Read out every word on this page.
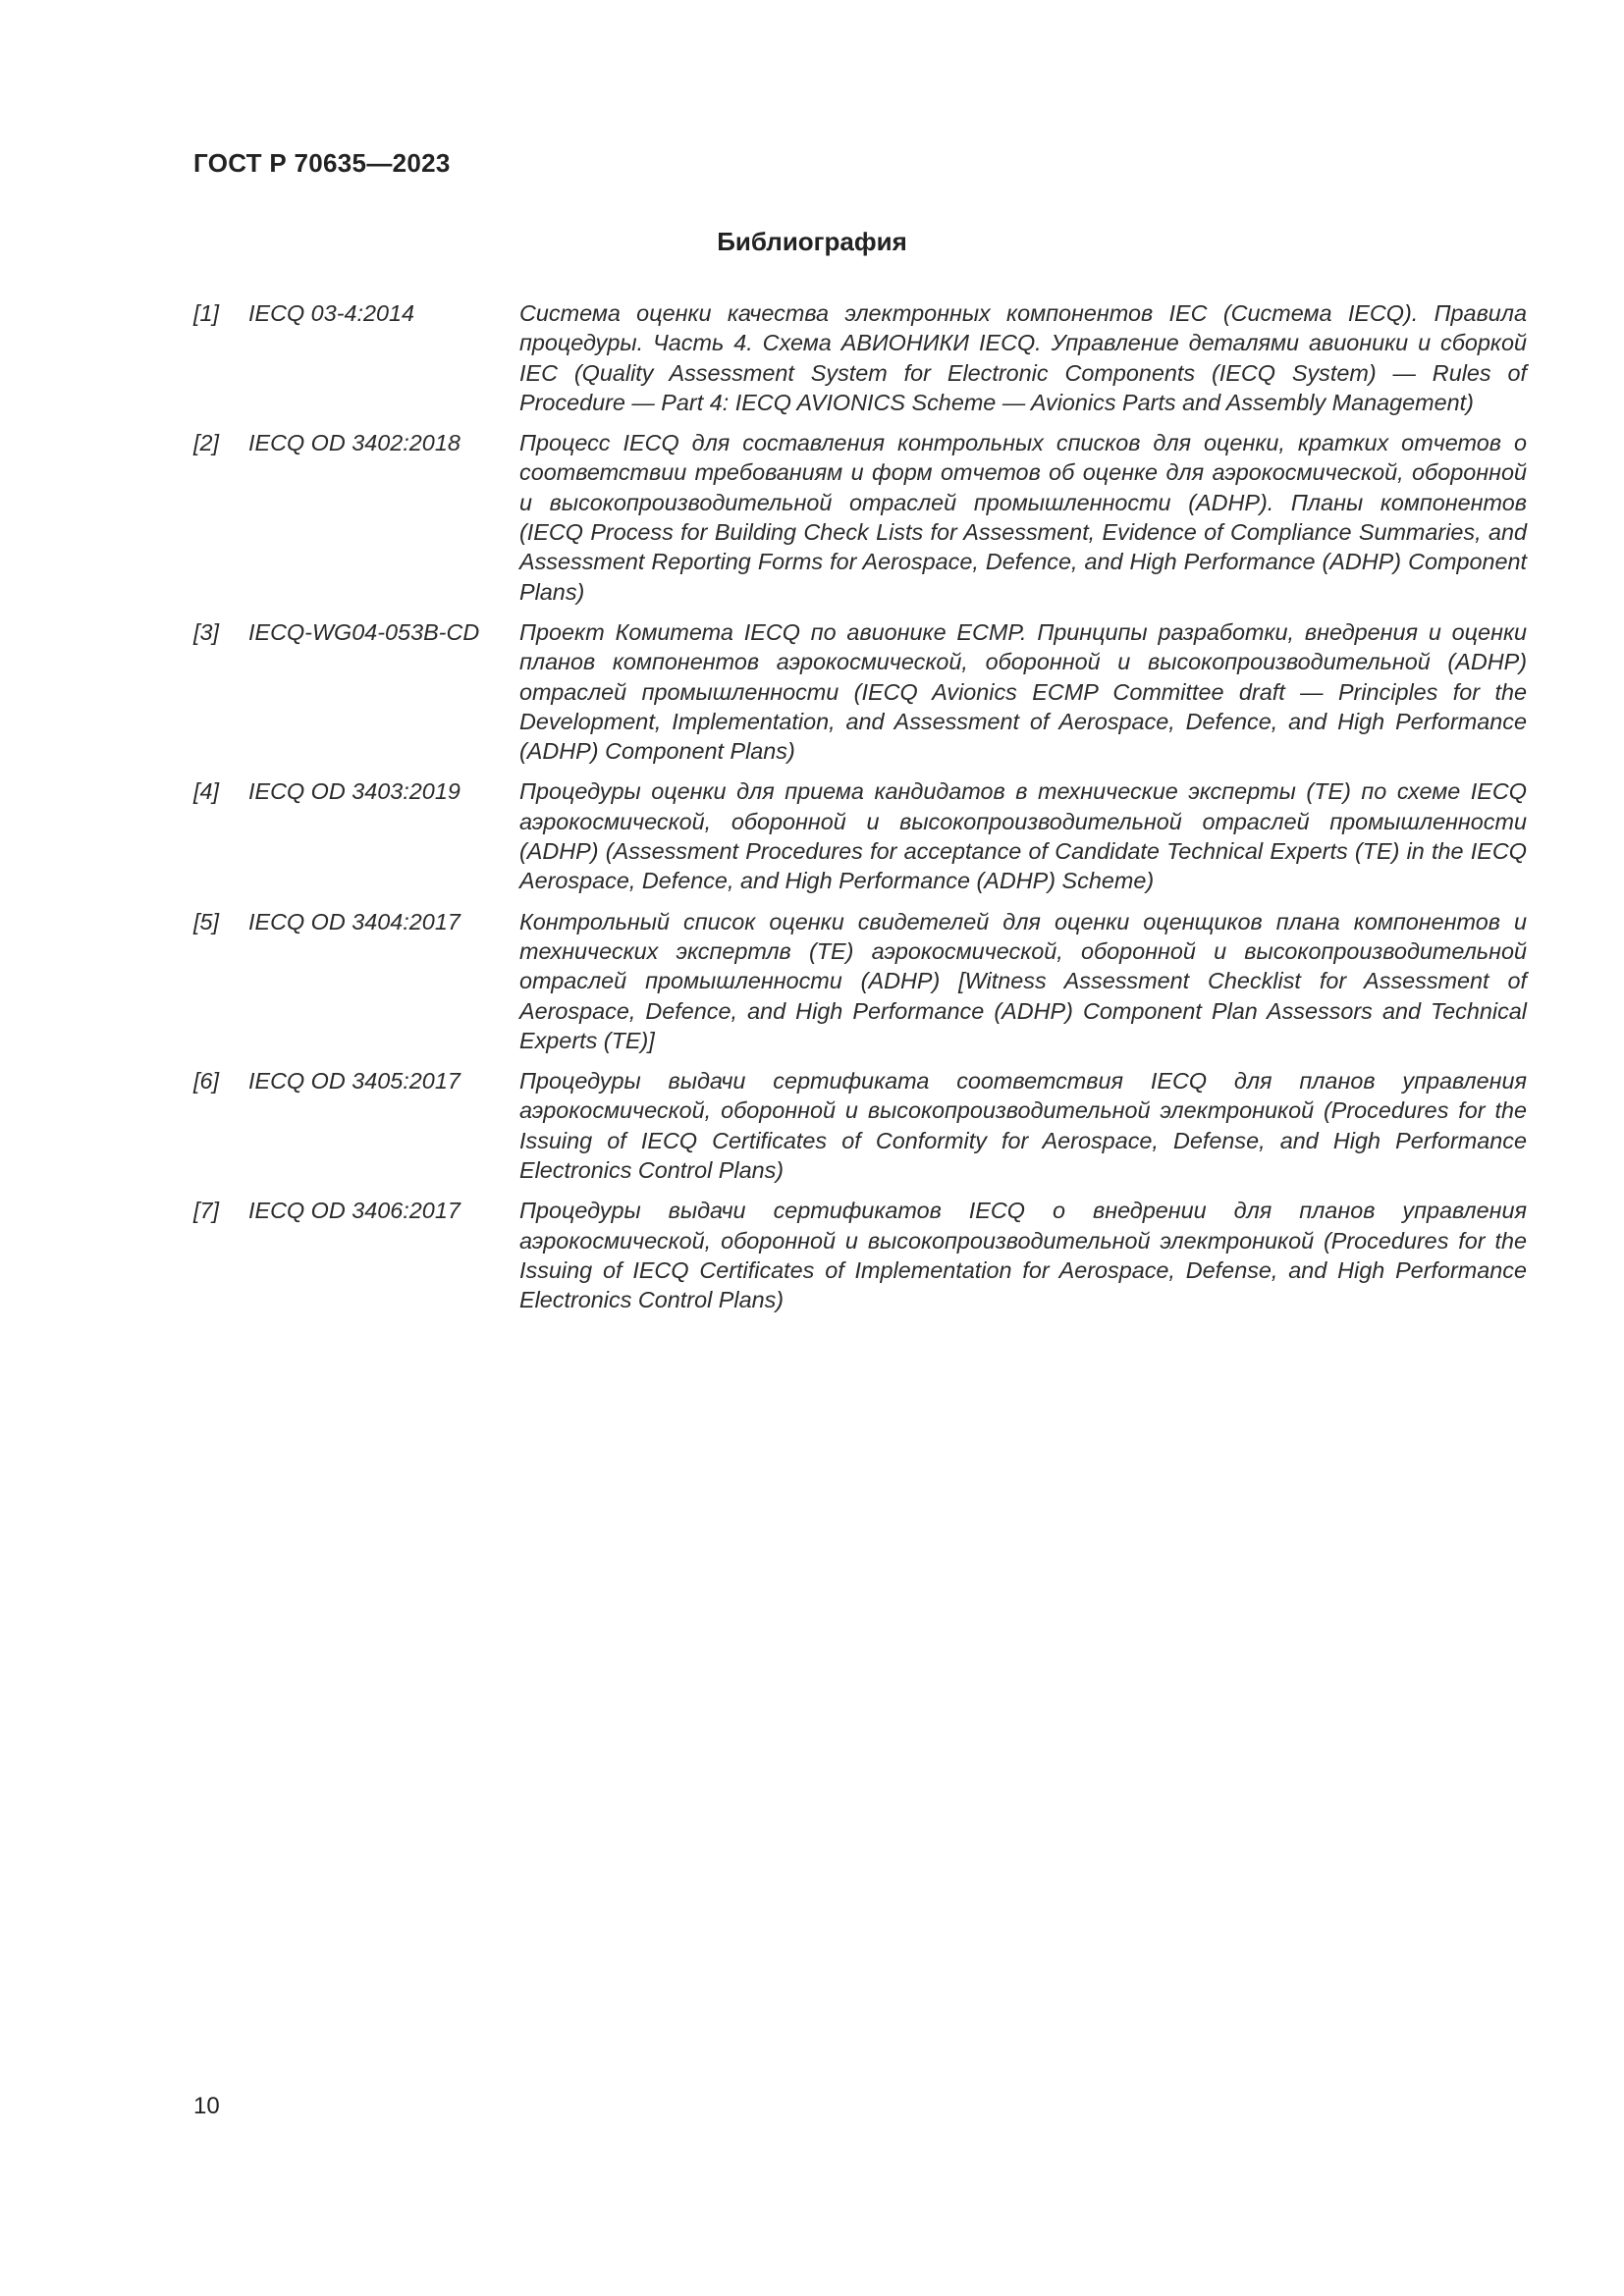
ГОСТ Р 70635—2023
Библиография
[1]	IECQ 03-4:2014	Система оценки качества электронных компонентов IEC (Система IECQ). Правила процедуры. Часть 4. Схема АВИОНИКИ IECQ. Управление деталями авионики и сборкой IEC (Quality Assessment System for Electronic Components (IECQ System) — Rules of Procedure — Part 4: IECQ AVIONICS Scheme — Avionics Parts and Assembly Management)
[2]	IECQ OD 3402:2018	Процесс IECQ для составления контрольных списков для оценки, кратких отчетов о соответствии требованиям и форм отчетов об оценке для аэрокосмической, оборонной и высокопроизводительной отраслей промышленности (ADHP). Планы компонентов (IECQ Process for Building Check Lists for Assessment, Evidence of Compliance Summaries, and Assessment Reporting Forms for Aerospace, Defence, and High Performance (ADHP) Component Plans)
[3]	IECQ-WG04-053B-CD	Проект Комитета IECQ по авионике ECMP. Принципы разработки, внедрения и оценки планов компонентов аэрокосмической, оборонной и высокопроизводительной (ADHP) отраслей промышленности (IECQ Avionics ECMP Committee draft — Principles for the Development, Implementation, and Assessment of Aerospace, Defence, and High Performance (ADHP) Component Plans)
[4]	IECQ OD 3403:2019	Процедуры оценки для приема кандидатов в технические эксперты (TE) по схеме IECQ аэрокосмической, оборонной и высокопроизводительной отраслей промышленности (ADHP) (Assessment Procedures for acceptance of Candidate Technical Experts (TE) in the IECQ Aerospace, Defence, and High Performance (ADHP) Scheme)
[5]	IECQ OD 3404:2017	Контрольный список оценки свидетелей для оценки оценщиков плана компонентов и технических экспертлв (TE) аэрокосмической, оборонной и высокопроизводительной отраслей промышленности (ADHP) [Witness Assessment Checklist for Assessment of Aerospace, Defence, and High Performance (ADHP) Component Plan Assessors and Technical Experts (TE)]
[6]	IECQ OD 3405:2017	Процедуры выдачи сертификата соответствия IECQ для планов управления аэрокосмической, оборонной и высокопроизводительной электроникой (Procedures for the Issuing of IECQ Certificates of Conformity for Aerospace, Defense, and High Performance Electronics Control Plans)
[7]	IECQ OD 3406:2017	Процедуры выдачи сертификатов IECQ о внедрении для планов управления аэрокосмической, оборонной и высокопроизводительной электроникой (Procedures for the Issuing of IECQ Certificates of Implementation for Aerospace, Defense, and High Performance Electronics Control Plans)
10
